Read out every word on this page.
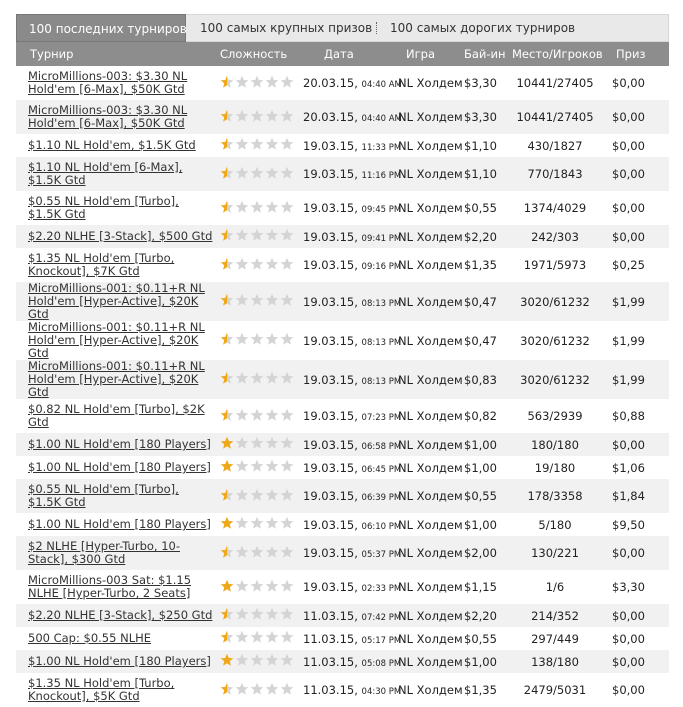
100 последних турниров 100 самых крупных призов 100 самых дорогих турниров
Турнир	Сложность	Дата	Игра	Бай-ин	Место/Игроков	Приз

MicroMillions-003: $3.30 NL Hold'em [6-Max], $50K Gtd		20.03.15, 04:40 AM	NL Холдем	$3,30	10441/27405	$0,00

MicroMillions-003: $3.30 NL Hold'em [6-Max], $50K Gtd		20.03.15, 04:40 AM	NL Холдем	$3,30	10441/27405	$0,00

$1.10 NL Hold'em, $1.5K Gtd		19.03.15, 11:33 PM	NL Холдем	$1,10	430/1827	$0,00

$1.10 NL Hold'em [6-Max], $1.5K Gtd		19.03.15, 11:16 PM	NL Холдем	$1,10	770/1843	$0,00

$0.55 NL Hold'em [Turbo], $1.5K Gtd		19.03.15, 09:45 PM	NL Холдем	$0,55	1374/4029	$0,00

$2.20 NLHE [3-Stack], $500 Gtd		19.03.15, 09:41 PM	NL Холдем	$2,20	242/303	$0,00

$1.35 NL Hold'em [Turbo, Knockout], $7K Gtd		19.03.15, 09:16 PM	NL Холдем	$1,35	1971/5973	$0,25

MicroMillions-001: $0.11+R NL Hold'em [Hyper-Active], $20K Gtd		19.03.15, 08:13 PM	NL Холдем	$0,47	3020/61232	$1,99

MicroMillions-001: $0.11+R NL Hold'em [Hyper-Active], $20K Gtd		19.03.15, 08:13 PM	NL Холдем	$0,47	3020/61232	$1,99

MicroMillions-001: $0.11+R NL Hold'em [Hyper-Active], $20K Gtd		19.03.15, 08:13 PM	NL Холдем	$0,83	3020/61232	$1,99

$0.82 NL Hold'em [Turbo], $2K Gtd		19.03.15, 07:23 PM	NL Холдем	$0,82	563/2939	$0,88

$1.00 NL Hold'em [180 Players]		19.03.15, 06:58 PM	NL Холдем	$1,00	180/180	$0,00

$1.00 NL Hold'em [180 Players]		19.03.15, 06:45 PM	NL Холдем	$1,00	19/180	$1,06

$0.55 NL Hold'em [Turbo], $1.5K Gtd		19.03.15, 06:39 PM	NL Холдем	$0,55	178/3358	$1,84

$1.00 NL Hold'em [180 Players]		19.03.15, 06:10 PM	NL Холдем	$1,00	5/180	$9,50

$2 NLHE [Hyper-Turbo, 10-Stack], $300 Gtd		19.03.15, 05:37 PM	NL Холдем	$2,00	130/221	$0,00

MicroMillions-003 Sat: $1.15 NLHE [Hyper-Turbo, 2 Seats]		19.03.15, 02:33 PM	NL Холдем	$1,15	1/6	$3,30

$2.20 NLHE [3-Stack], $250 Gtd		11.03.15, 07:42 PM	NL Холдем	$2,20	214/352	$0,00

500 Cap: $0.55 NLHE		11.03.15, 05:17 PM	NL Холдем	$0,55	297/449	$0,00

$1.00 NL Hold'em [180 Players]		11.03.15, 05:08 PM	NL Холдем	$1,00	138/180	$0,00

$1.35 NL Hold'em [Turbo, Knockout], $5K Gtd		11.03.15, 04:30 PM	NL Холдем	$1,35	2479/5031	$0,00
